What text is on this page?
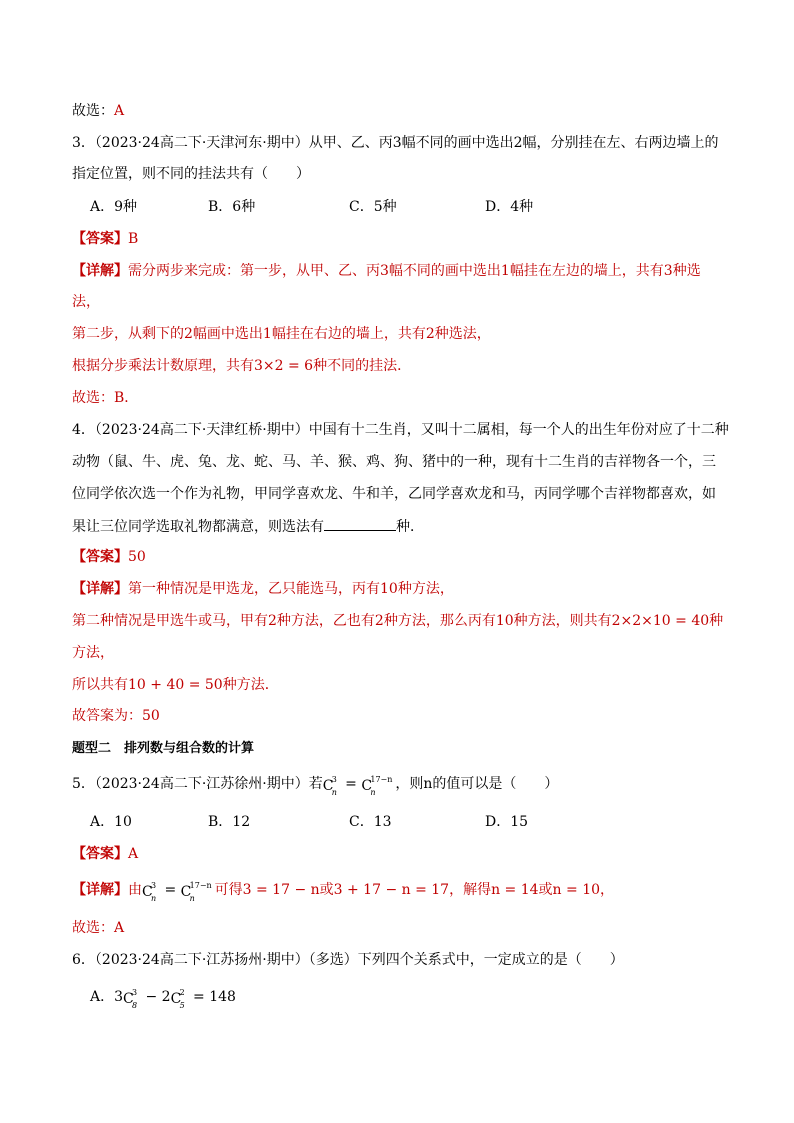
故选：A
3．（2023·24高二下·天津河东·期中）从甲、乙、丙3幅不同的画中选出2幅，分别挂在左、右两边墙上的
指定位置，则不同的挂法共有（　　）
A．9种	B．6种	C．5种	D．4种
【答案】B
【详解】需分两步来完成：第一步，从甲、乙、丙3幅不同的画中选出1幅挂在左边的墙上，共有3种选
法，
第二步，从剩下的2幅画中选出1幅挂在右边的墙上，共有2种选法，
根据分步乘法计数原理，共有3×2 = 6种不同的挂法．
故选：B．
4．（2023·24高二下·天津红桥·期中）中国有十二生肖，又叫十二属相，每一个人的出生年份对应了十二种
动物（鼠、牛、虎、兔、龙、蛇、马、羊、猴、鸡、狗、猪中的一种，现有十二生肖的吉祥物各一个，三
位同学依次选一个作为礼物，甲同学喜欢龙、牛和羊，乙同学喜欢龙和马，丙同学哪个吉祥物都喜欢，如
果让三位同学选取礼物都满意，则选法有	种．
【答案】50
【详解】第一种情况是甲选龙，乙只能选马，丙有10种方法，
第二种情况是甲选牛或马，甲有2种方法，乙也有2种方法，那么丙有10种方法，则共有2×2×10 = 40种
方法，
所以共有10 + 40 = 50种方法．
故答案为：50
题型二　排列数与组合数的计算
5．（2023·24高二下·江苏徐州·期中）若 C
3
n
= C
17−n
n
，则n的值可以是（　　）
A．10	B．12	C．13	D．15
【答案】A
【详解】由 C
3
n
= C
17−n
n
可得3 = 17 − n或3 + 17 − n = 17，解得n = 14或n = 10，
故选：A
6．（2023·24高二下·江苏扬州·期中）（多选）下列四个关系式中，一定成立的是（　　）
A．3 C
3
8
− 2 C
2
5
= 148
